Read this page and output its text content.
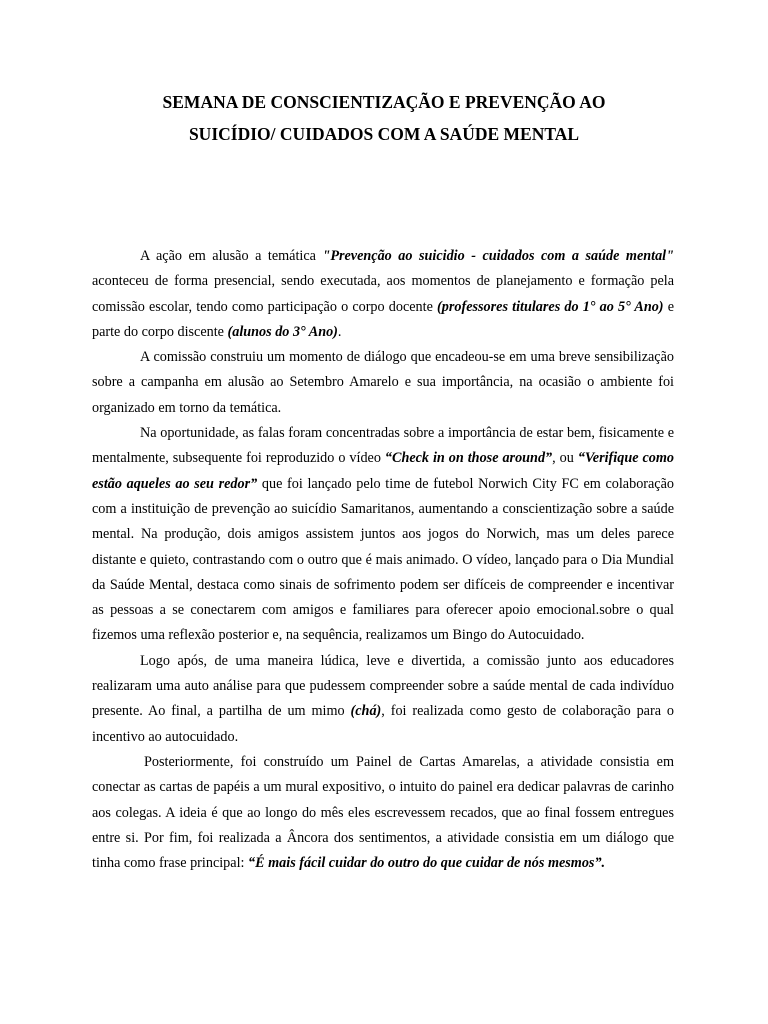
SEMANA DE CONSCIENTIZAÇÃO E PREVENÇÃO AO
SUICÍDIO/ CUIDADOS COM A SAÚDE MENTAL

A ação em alusão a temática "Prevenção ao suicidio - cuidados com a saúde mental" aconteceu de forma presencial, sendo executada, aos momentos de planejamento e formação pela comissão escolar, tendo como participação o corpo docente (professores titulares do 1° ao 5° Ano) e parte do corpo discente (alunos do 3° Ano).

A comissão construiu um momento de diálogo que encadeou-se em uma breve sensibilização sobre a campanha em alusão ao Setembro Amarelo e sua importância, na ocasião o ambiente foi organizado em torno da temática.

Na oportunidade, as falas foram concentradas sobre a importância de estar bem, fisicamente e mentalmente, subsequente foi reproduzido o vídeo “Check in on those around”, ou “Verifique como estão aqueles ao seu redor” que foi lançado pelo time de futebol Norwich City FC em colaboração com a instituição de prevenção ao suicídio Samaritanos, aumentando a conscientização sobre a saúde mental. Na produção, dois amigos assistem juntos aos jogos do Norwich, mas um deles parece distante e quieto, contrastando com o outro que é mais animado. O vídeo, lançado para o Dia Mundial da Saúde Mental, destaca como sinais de sofrimento podem ser difíceis de compreender e incentivar as pessoas a se conectarem com amigos e familiares para oferecer apoio emocional.sobre o qual fizemos uma reflexão posterior e, na sequência, realizamos um Bingo do Autocuidado.

Logo após, de uma maneira lúdica, leve e divertida, a comissão junto aos educadores realizaram uma auto análise para que pudessem compreender sobre a saúde mental de cada indivíduo presente. Ao final, a partilha de um mimo (chá), foi realizada como gesto de colaboração para o incentivo ao autocuidado.

Posteriormente, foi construído um Painel de Cartas Amarelas, a atividade consistia em conectar as cartas de papéis a um mural expositivo, o intuito do painel era dedicar palavras de carinho aos colegas. A ideia é que ao longo do mês eles escrevessem recados, que ao final fossem entregues entre si. Por fim, foi realizada a Âncora dos sentimentos, a atividade consistia em um diálogo que tinha como frase principal: “É mais fácil cuidar do outro do que cuidar de nós mesmos”.
